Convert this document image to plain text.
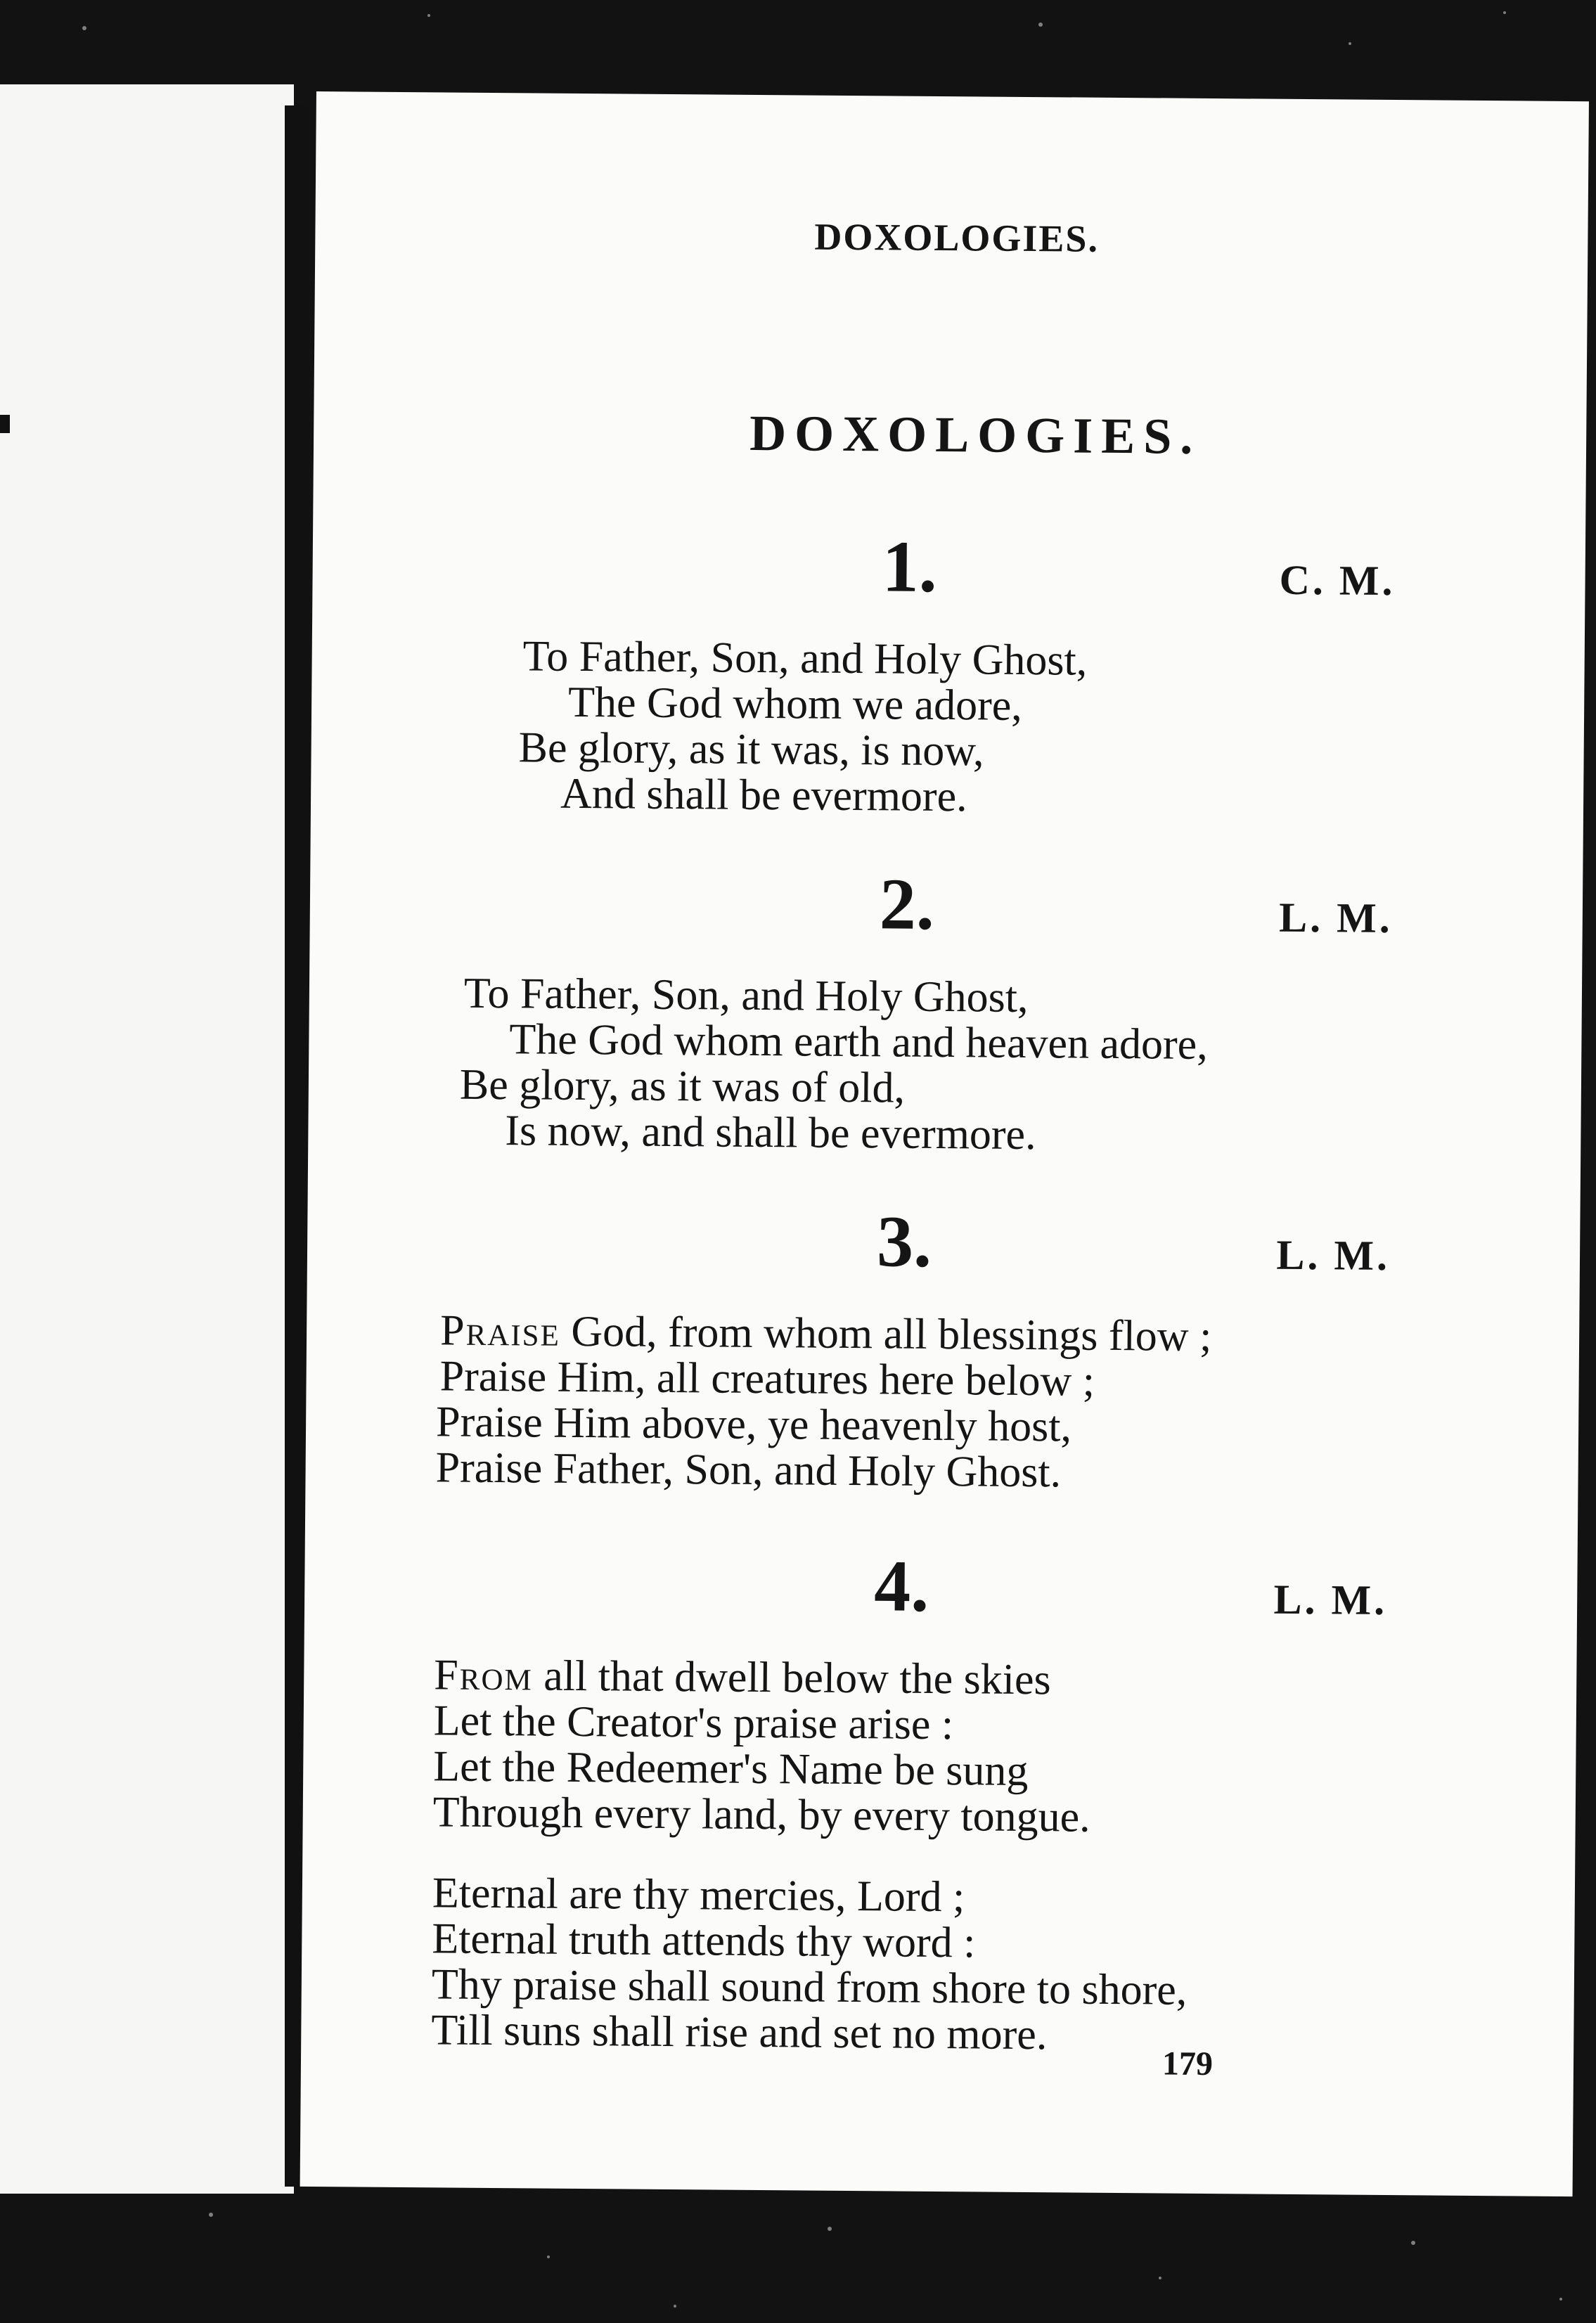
DOXOLOGIES.
DOXOLOGIES.
1.	C. M.
To Father, Son, and Holy Ghost,
The God whom we adore,
Be glory, as it was, is now,
And shall be evermore.
2.	L. M.
To Father, Son, and Holy Ghost,
The God whom earth and heaven adore,
Be glory, as it was of old,
Is now, and shall be evermore.
3.	L. M.
Praise God, from whom all blessings flow ;
Praise Him, all creatures here below ;
Praise Him above, ye heavenly host,
Praise Father, Son, and Holy Ghost.
4.	L. M.
From all that dwell below the skies
Let the Creator's praise arise :
Let the Redeemer's Name be sung
Through every land, by every tongue.
Eternal are thy mercies, Lord ;
Eternal truth attends thy word :
Thy praise shall sound from shore to shore,
Till suns shall rise and set no more.
179
